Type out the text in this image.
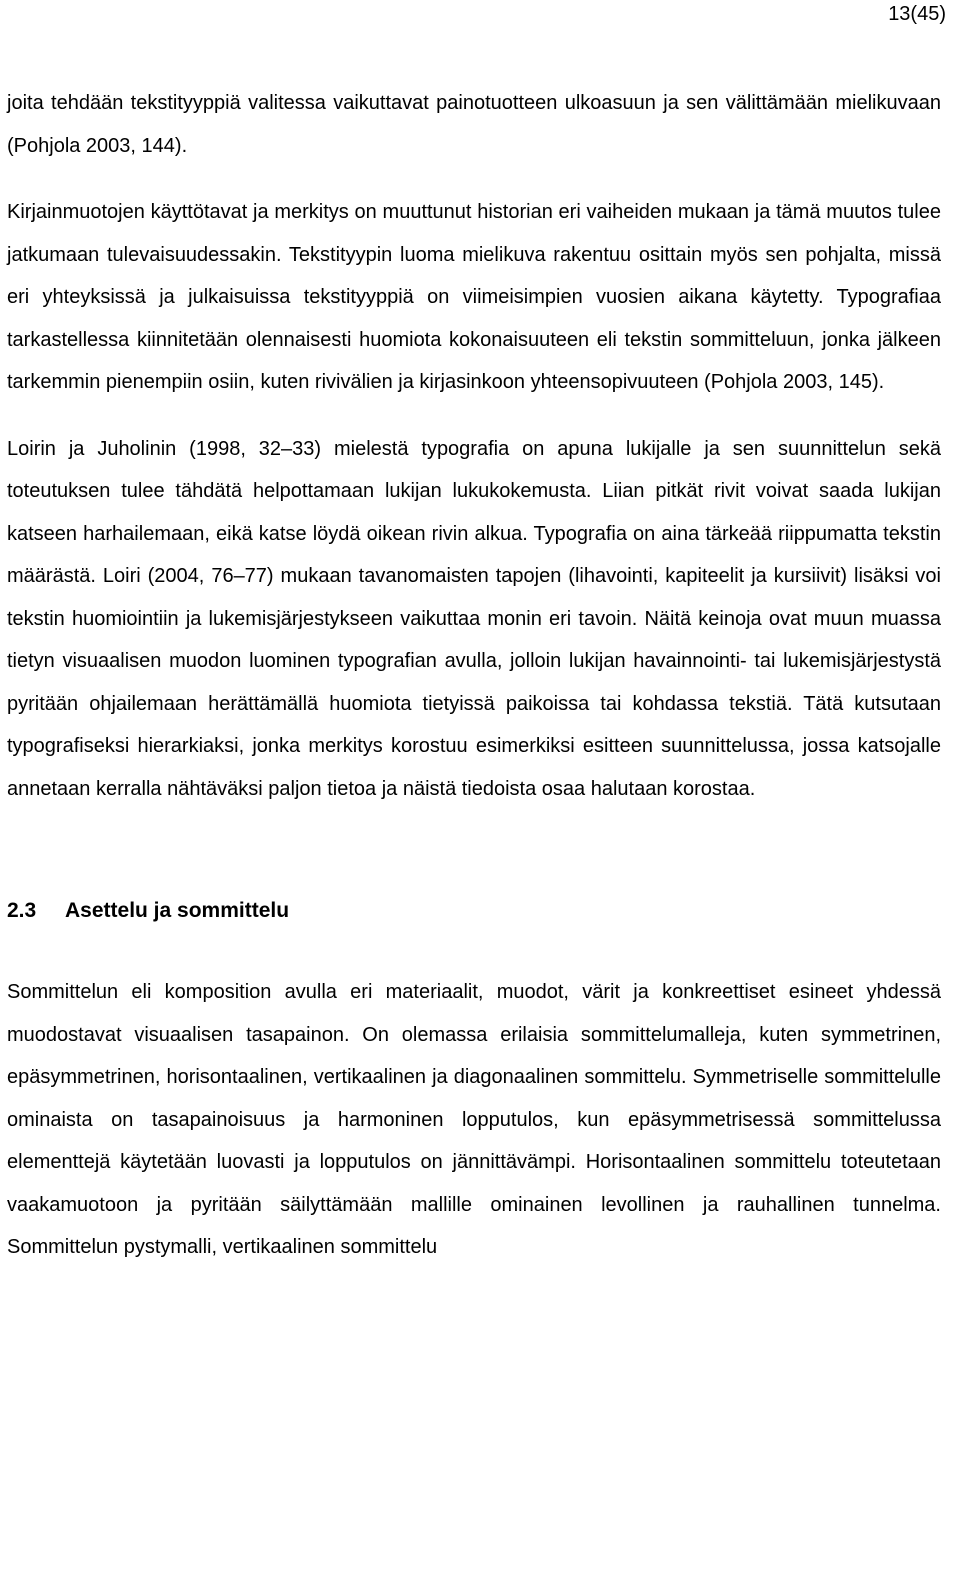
13(45)

joita tehdään tekstityyppiä valitessa vaikuttavat painotuotteen ulkoasuun ja sen välittämään mielikuvaan (Pohjola 2003, 144).

Kirjainmuotojen käyttötavat ja merkitys on muuttunut historian eri vaiheiden mukaan ja tämä muutos tulee jatkumaan tulevaisuudessakin. Tekstityypin luoma mielikuva rakentuu osittain myös sen pohjalta, missä eri yhteyksissä ja julkaisuissa tekstityyppiä on viimeisimpien vuosien aikana käytetty. Typografiaa tarkastellessa kiinnitetään olennaisesti huomiota kokonaisuuteen eli tekstin sommitteluun, jonka jälkeen tarkemmin pienempiin osiin, kuten rivivälien ja kirjasinkoon yhteensopivuuteen (Pohjola 2003, 145).

Loirin ja Juholinin (1998, 32–33) mielestä typografia on apuna lukijalle ja sen suunnittelun sekä toteutuksen tulee tähdätä helpottamaan lukijan lukukokemusta. Liian pitkät rivit voivat saada lukijan katseen harhailemaan, eikä katse löydä oikean rivin alkua. Typografia on aina tärkeää riippumatta tekstin määrästä. Loiri (2004, 76–77) mukaan tavanomaisten tapojen (lihavointi, kapiteelit ja kursiivit) lisäksi voi tekstin huomiointiin ja lukemisjärjestykseen vaikuttaa monin eri tavoin. Näitä keinoja ovat muun muassa tietyn visuaalisen muodon luominen typografian avulla, jolloin lukijan havainnointi- tai lukemisjärjestystä pyritään ohjailemaan herättämällä huomiota tietyissä paikoissa tai kohdassa tekstiä. Tätä kutsutaan typografiseksi hierarkiaksi, jonka merkitys korostuu esimerkiksi esitteen suunnittelussa, jossa katsojalle annetaan kerralla nähtäväksi paljon tietoa ja näistä tiedoista osaa halutaan korostaa.

2.3 Asettelu ja sommittelu

Sommittelun eli komposition avulla eri materiaalit, muodot, värit ja konkreettiset esineet yhdessä muodostavat visuaalisen tasapainon. On olemassa erilaisia sommittelumalleja, kuten symmetrinen, epäsymmetrinen, horisontaalinen, vertikaalinen ja diagonaalinen sommittelu. Symmetriselle sommittelulle ominaista on tasapainoisuus ja harmoninen lopputulos, kun epäsymmetrisessä sommittelussa elementtejä käytetään luovasti ja lopputulos on jännittävämpi. Horisontaalinen sommittelu toteutetaan vaakamuotoon ja pyritään säilyttämään mallille ominainen levollinen ja rauhallinen tunnelma. Sommittelun pystymalli, vertikaalinen sommittelu
